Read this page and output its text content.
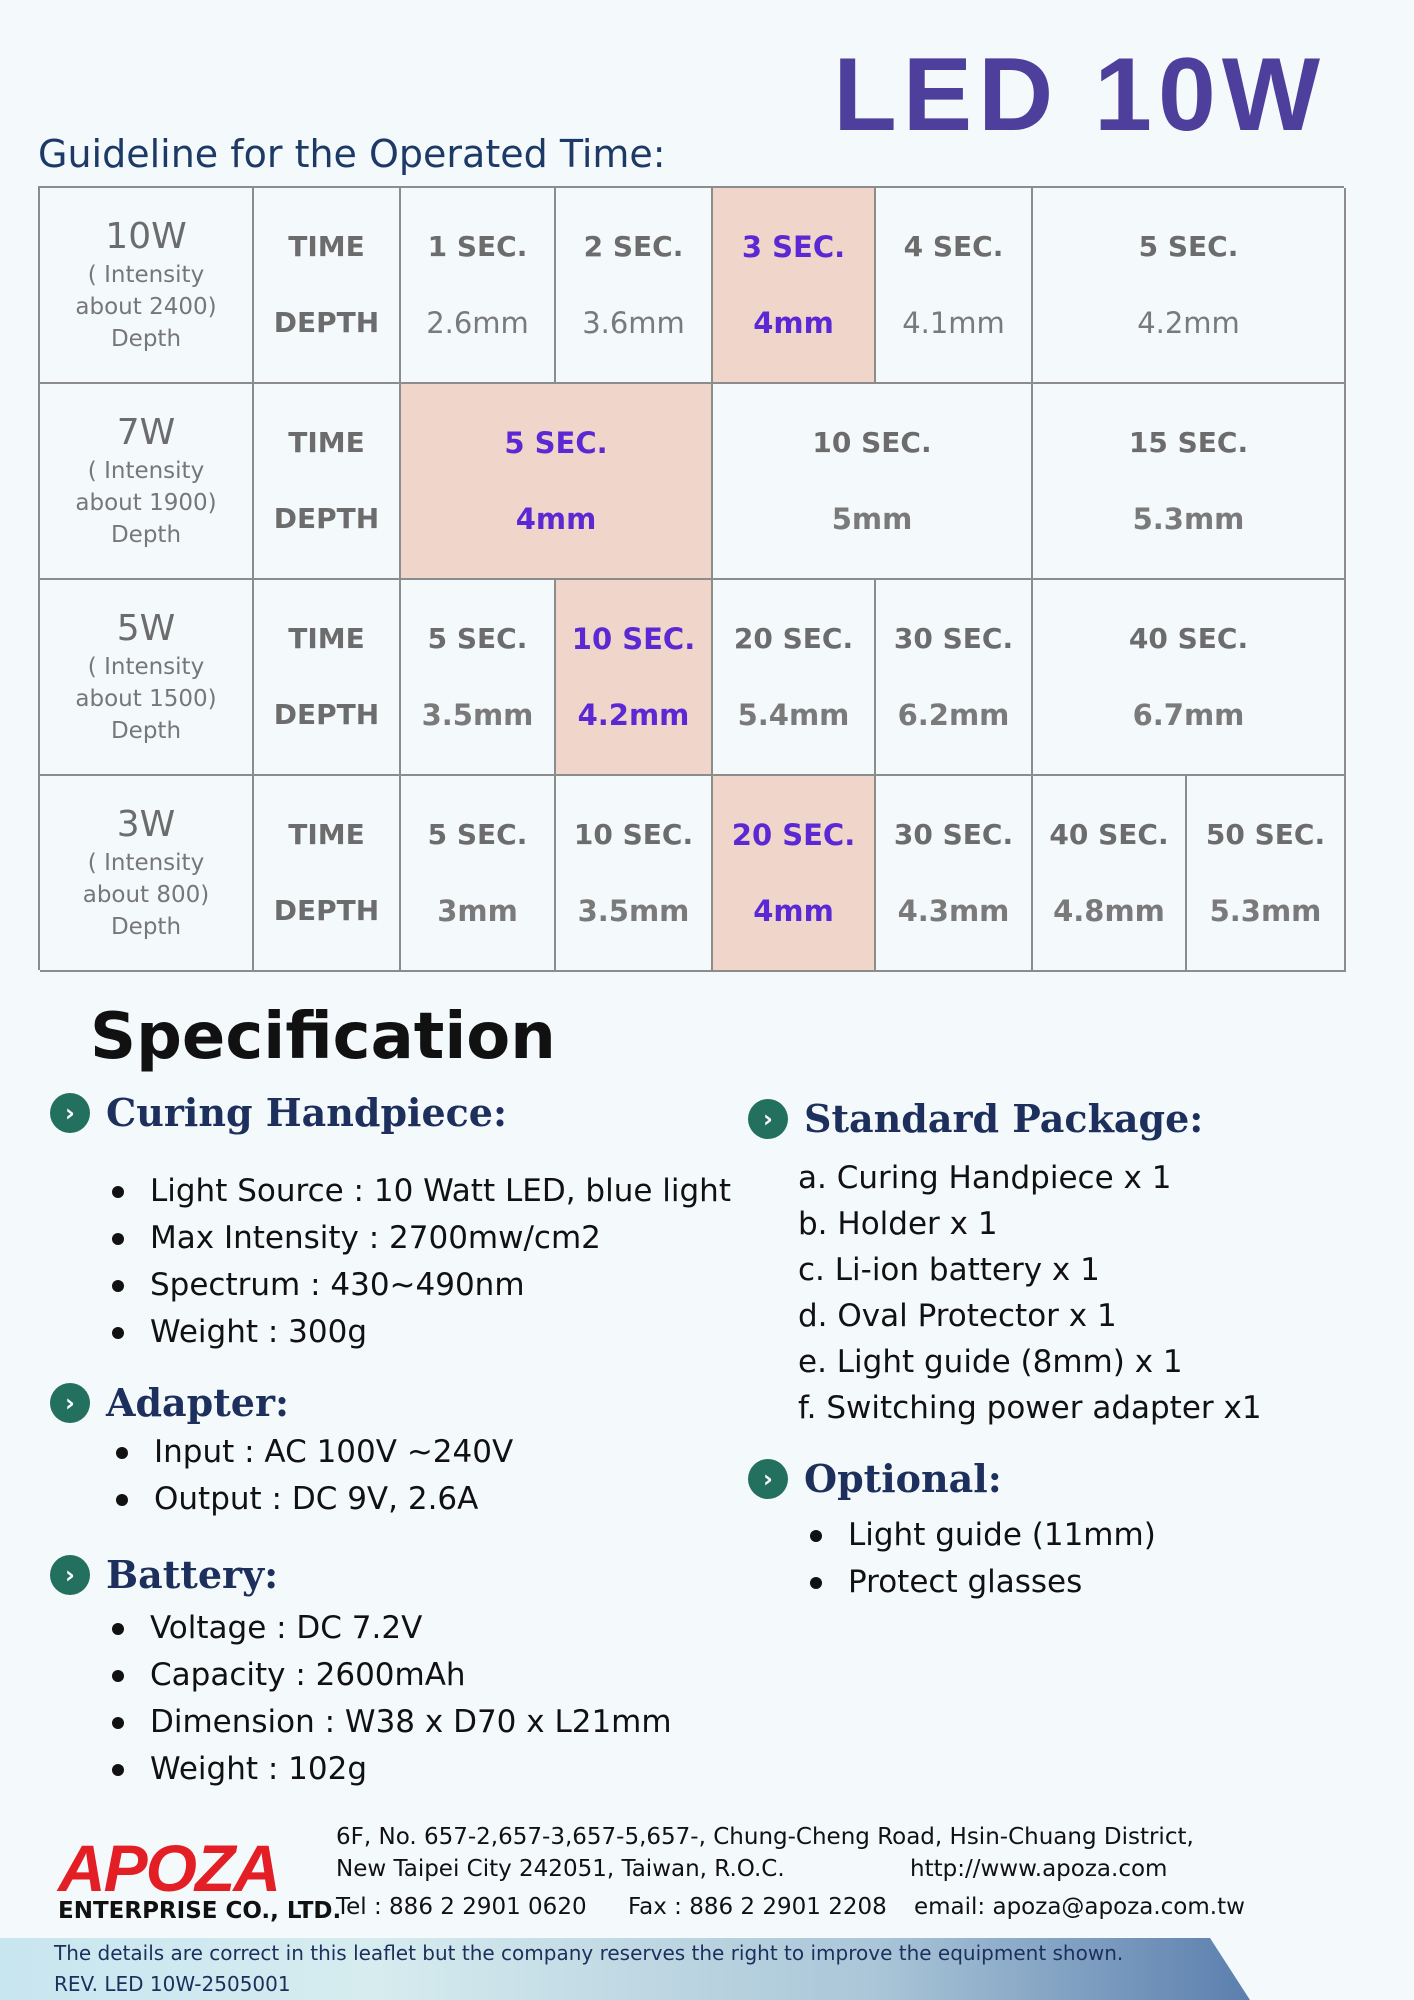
LED 10W
Guideline for the Operated Time:
10W
( Intensity
about 2400)
Depth
TIME
DEPTH
1 SEC.
2.6mm
2 SEC.
3.6mm
3 SEC.
4mm
4 SEC.
4.1mm
5 SEC.
4.2mm
7W
( Intensity
about 1900)
Depth
TIME
DEPTH
5 SEC.
4mm
10 SEC.
5mm
15 SEC.
5.3mm
5W
( Intensity
about 1500)
Depth
TIME
DEPTH
5 SEC.
3.5mm
10 SEC.
4.2mm
20 SEC.
5.4mm
30 SEC.
6.2mm
40 SEC.
6.7mm
3W
( Intensity
about 800)
Depth
TIME
DEPTH
5 SEC.
3mm
10 SEC.
3.5mm
20 SEC.
4mm
30 SEC.
4.3mm
40 SEC.
4.8mm
50 SEC.
5.3mm
Specification
› Curing Handpiece:
Light Source : 10 Watt LED, blue light
Max Intensity : 2700mw/cm2
Spectrum : 430~490nm
Weight : 300g
› Adapter:
Input : AC 100V ~240V
Output : DC 9V, 2.6A
› Battery:
Voltage : DC 7.2V
Capacity : 2600mAh
Dimension : W38 x D70 x L21mm
Weight : 102g
› Standard Package:
a. Curing Handpiece x 1
b. Holder x 1
c. Li-ion battery x 1
d. Oval Protector x 1
e. Light guide (8mm) x 1
f. Switching power adapter x1
› Optional:
Light guide (11mm)
Protect glasses
APOZA
ENTERPRISE CO., LTD.
6F, No. 657-2,657-3,657-5,657-, Chung-Cheng Road, Hsin-Chuang District,
New Taipei City 242051, Taiwan, R.O.C.	http://www.apoza.com
Tel : 886 2 2901 0620 Fax : 886 2 2901 2208 email: apoza@apoza.com.tw
The details are correct in this leaflet but the company reserves the right to improve the equipment shown.
REV. LED 10W-2505001
